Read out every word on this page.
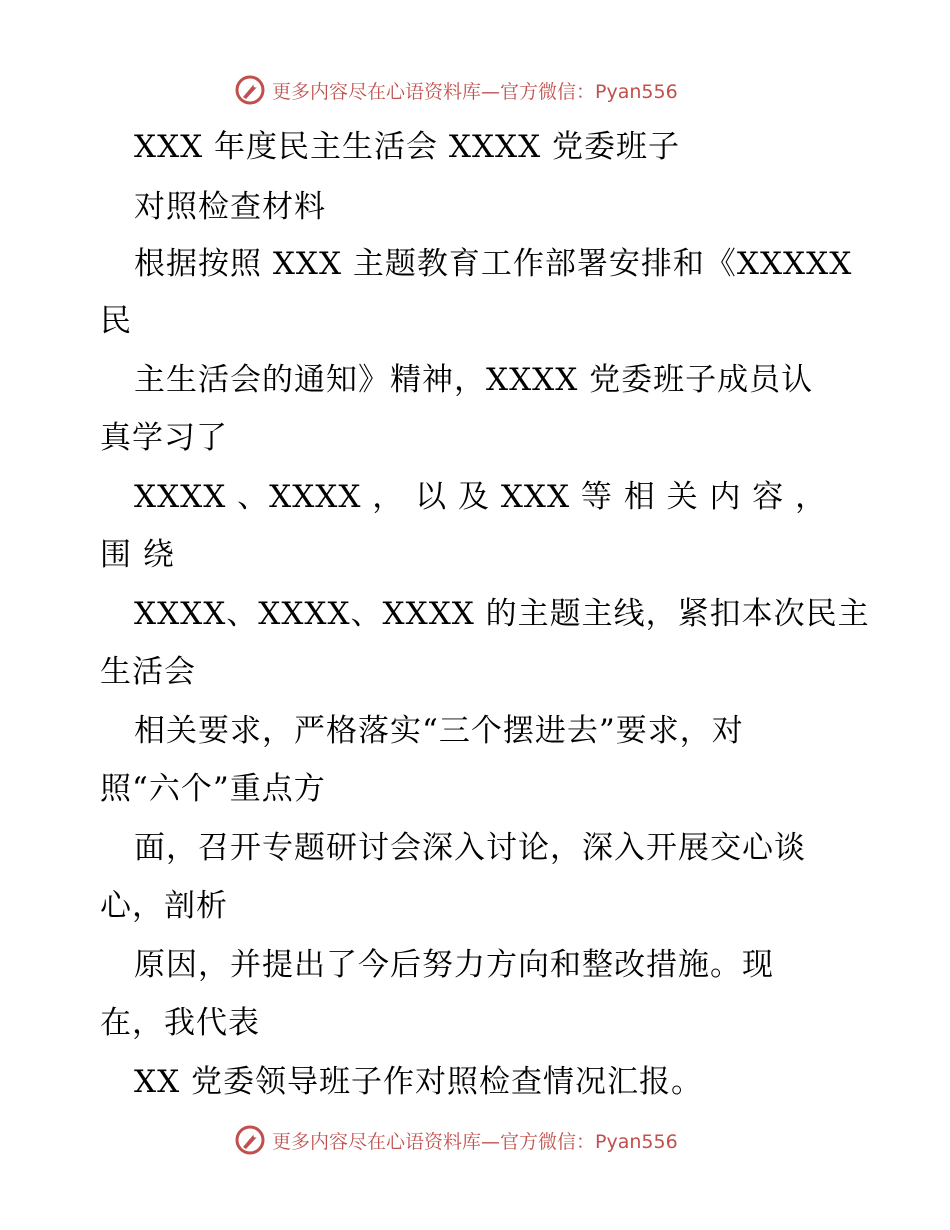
更多内容尽在心语资料库—官方微信：Pyan556
XXX 年度民主生活会 XXXX 党委班子
对照检查材料
根据按照 XXX 主题教育工作部署安排和《XXXXX
民
主生活会的通知》精神，XXXX 党委班子成员认
真学习了
XXXX 、XXXX ， 以 及 XXX 等 相 关 内 容 ，
围 绕
XXXX、XXXX、XXXX 的主题主线，紧扣本次民主
生活会
相关要求，严格落实“三个摆进去”要求，对
照“六个”重点方
面，召开专题研讨会深入讨论，深入开展交心谈
心，剖析
原因，并提出了今后努力方向和整改措施。现
在，我代表
XX 党委领导班子作对照检查情况汇报。
更多内容尽在心语资料库—官方微信：Pyan556
